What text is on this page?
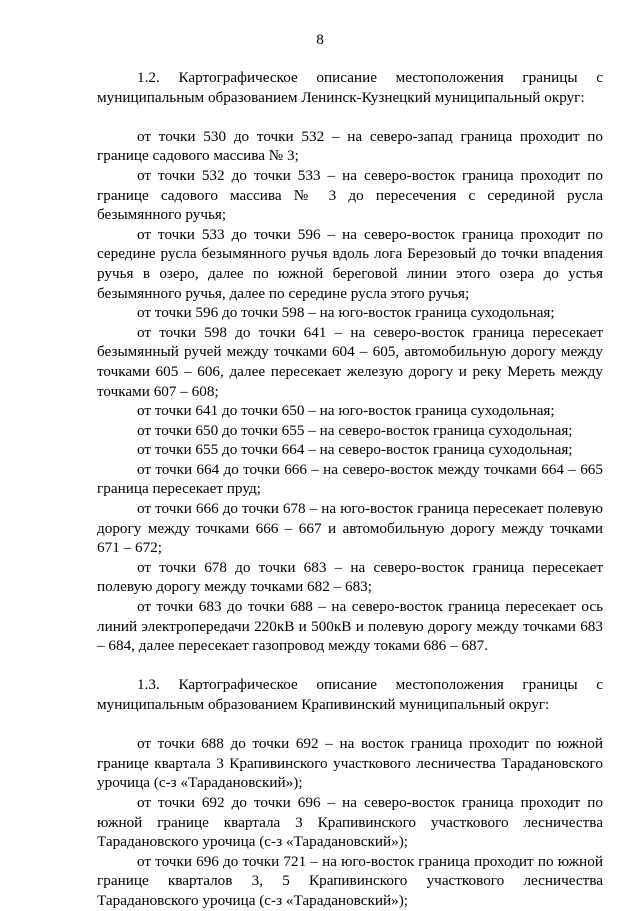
8

1.2. Картографическое описание местоположения границы с муниципальным образованием Ленинск-Кузнецкий муниципальный округ:

от точки 530 до точки 532 – на северо-запад граница проходит по границе садового массива № 3;

от точки 532 до точки 533 – на северо-восток граница проходит по границе садового массива № 3 до пересечения с серединой русла безымянного ручья;

от точки 533 до точки 596 – на северо-восток граница проходит по середине русла безымянного ручья вдоль лога Березовый до точки впадения ручья в озеро, далее по южной береговой линии этого озера до устья безымянного ручья, далее по середине русла этого ручья;

от точки 596 до точки 598 – на юго-восток граница суходольная;

от точки 598 до точки 641 – на северо-восток граница пересекает безымянный ручей между точками 604 – 605, автомобильную дорогу между точками 605 – 606, далее пересекает железую дорогу и реку Мереть между точками 607 – 608;

от точки 641 до точки 650 – на юго-восток граница суходольная;

от точки 650 до точки 655 – на северо-восток граница суходольная;

от точки 655 до точки 664 – на северо-восток граница суходольная;

от точки 664 до точки 666 – на северо-восток между точками 664 – 665 граница пересекает пруд;

от точки 666 до точки 678 – на юго-восток граница пересекает полевую дорогу между точками 666 – 667 и автомобильную дорогу между точками 671 – 672;

от точки 678 до точки 683 – на северо-восток граница пересекает полевую дорогу между точками 682 – 683;

от точки 683 до точки 688 – на северо-восток граница пересекает ось линий электропередачи 220кВ и 500кВ и полевую дорогу между точками 683 – 684, далее пересекает газопровод между токами 686 – 687.

1.3. Картографическое описание местоположения границы с муниципальным образованием Крапивинский муниципальный округ:

от точки 688 до точки 692 – на восток граница проходит по южной границе квартала 3 Крапивинского участкового лесничества Тарадановского урочица (с-з «Тарадановский»);

от точки 692 до точки 696 – на северо-восток граница проходит по южной границе квартала 3 Крапивинского участкового лесничества Тарадановского урочица (с-з «Тарадановский»);

от точки 696 до точки 721 – на юго-восток граница проходит по южной границе кварталов 3, 5 Крапивинского участкового лесничества Тарадановского урочица (с-з «Тарадановский»);
